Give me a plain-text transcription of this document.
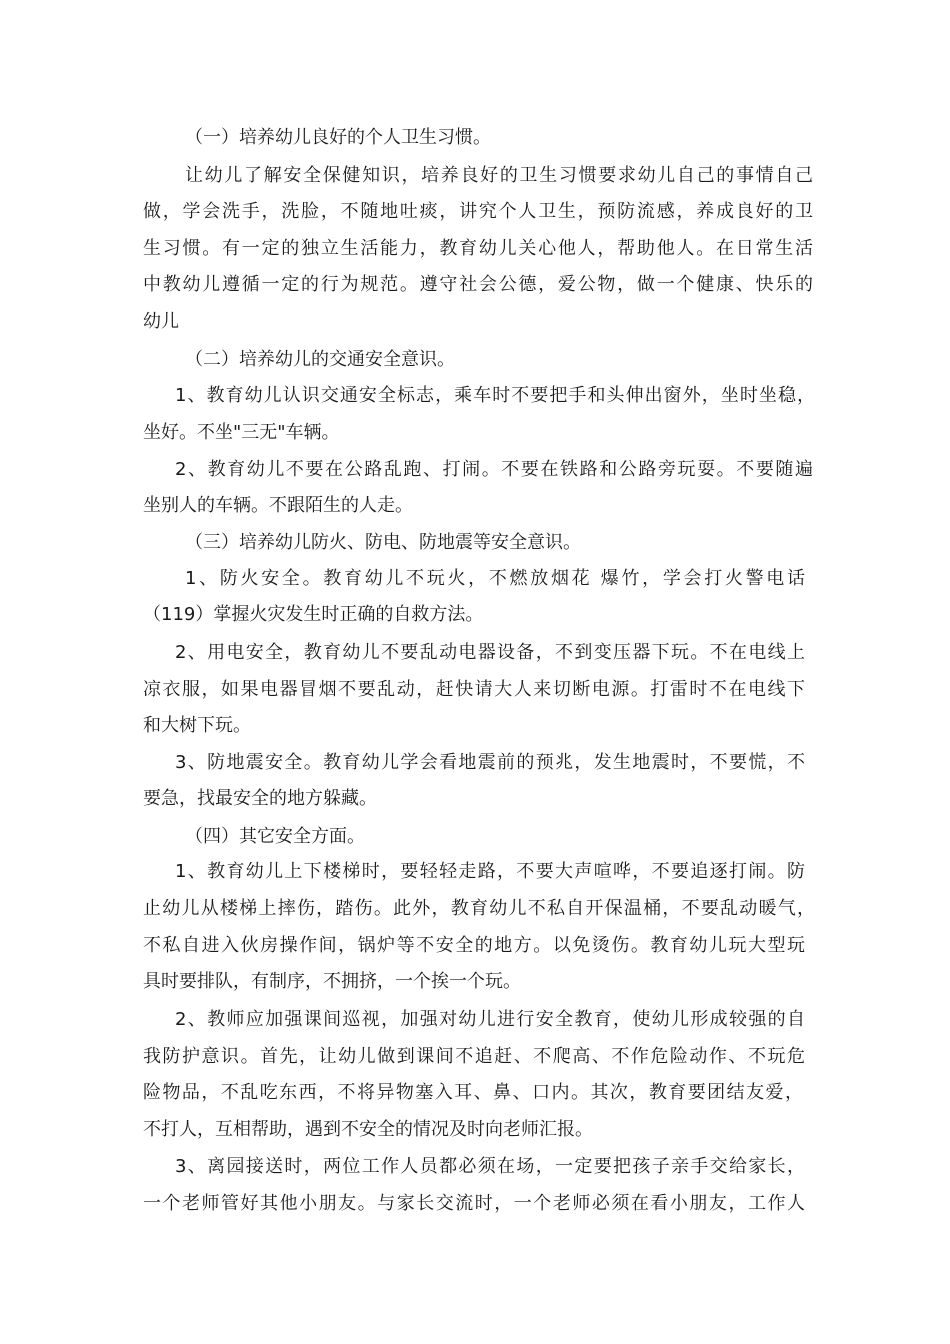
（一）培养幼儿良好的个人卫生习惯。
让幼儿了解安全保健知识，培养良好的卫生习惯要求幼儿自己的事情自己
做，学会洗手，洗脸，不随地吐痰，讲究个人卫生，预防流感，养成良好的卫
生习惯。有一定的独立生活能力，教育幼儿关心他人，帮助他人。在日常生活
中教幼儿遵循一定的行为规范。遵守社会公德，爱公物，做一个健康、快乐的
幼儿
（二）培养幼儿的交通安全意识。
1、教育幼儿认识交通安全标志，乘车时不要把手和头伸出窗外，坐时坐稳，
坐好。不坐"三无"车辆。
2、教育幼儿不要在公路乱跑、打闹。不要在铁路和公路旁玩耍。不要随遍
坐别人的车辆。不跟陌生的人走。
（三）培养幼儿防火、防电、防地震等安全意识。
1、防火安全。教育幼儿不玩火，不燃放烟花 爆竹，学会打火警电话
（119）掌握火灾发生时正确的自救方法。
2、用电安全，教育幼儿不要乱动电器设备，不到变压器下玩。不在电线上
凉衣服，如果电器冒烟不要乱动，赶快请大人来切断电源。打雷时不在电线下
和大树下玩。
3、防地震安全。教育幼儿学会看地震前的预兆，发生地震时，不要慌，不
要急，找最安全的地方躲藏。
（四）其它安全方面。
1、教育幼儿上下楼梯时，要轻轻走路，不要大声喧哗，不要追逐打闹。防
止幼儿从楼梯上摔伤，踏伤。此外，教育幼儿不私自开保温桶，不要乱动暖气，
不私自进入伙房操作间，锅炉等不安全的地方。以免烫伤。教育幼儿玩大型玩
具时要排队，有制序，不拥挤，一个挨一个玩。
2、教师应加强课间巡视，加强对幼儿进行安全教育，使幼儿形成较强的自
我防护意识。首先，让幼儿做到课间不追赶、不爬高、不作危险动作、不玩危
险物品，不乱吃东西，不将异物塞入耳、鼻、口内。其次，教育要团结友爱，
不打人，互相帮助，遇到不安全的情况及时向老师汇报。
3、离园接送时，两位工作人员都必须在场，一定要把孩子亲手交给家长，
一个老师管好其他小朋友。与家长交流时，一个老师必须在看小朋友，工作人
